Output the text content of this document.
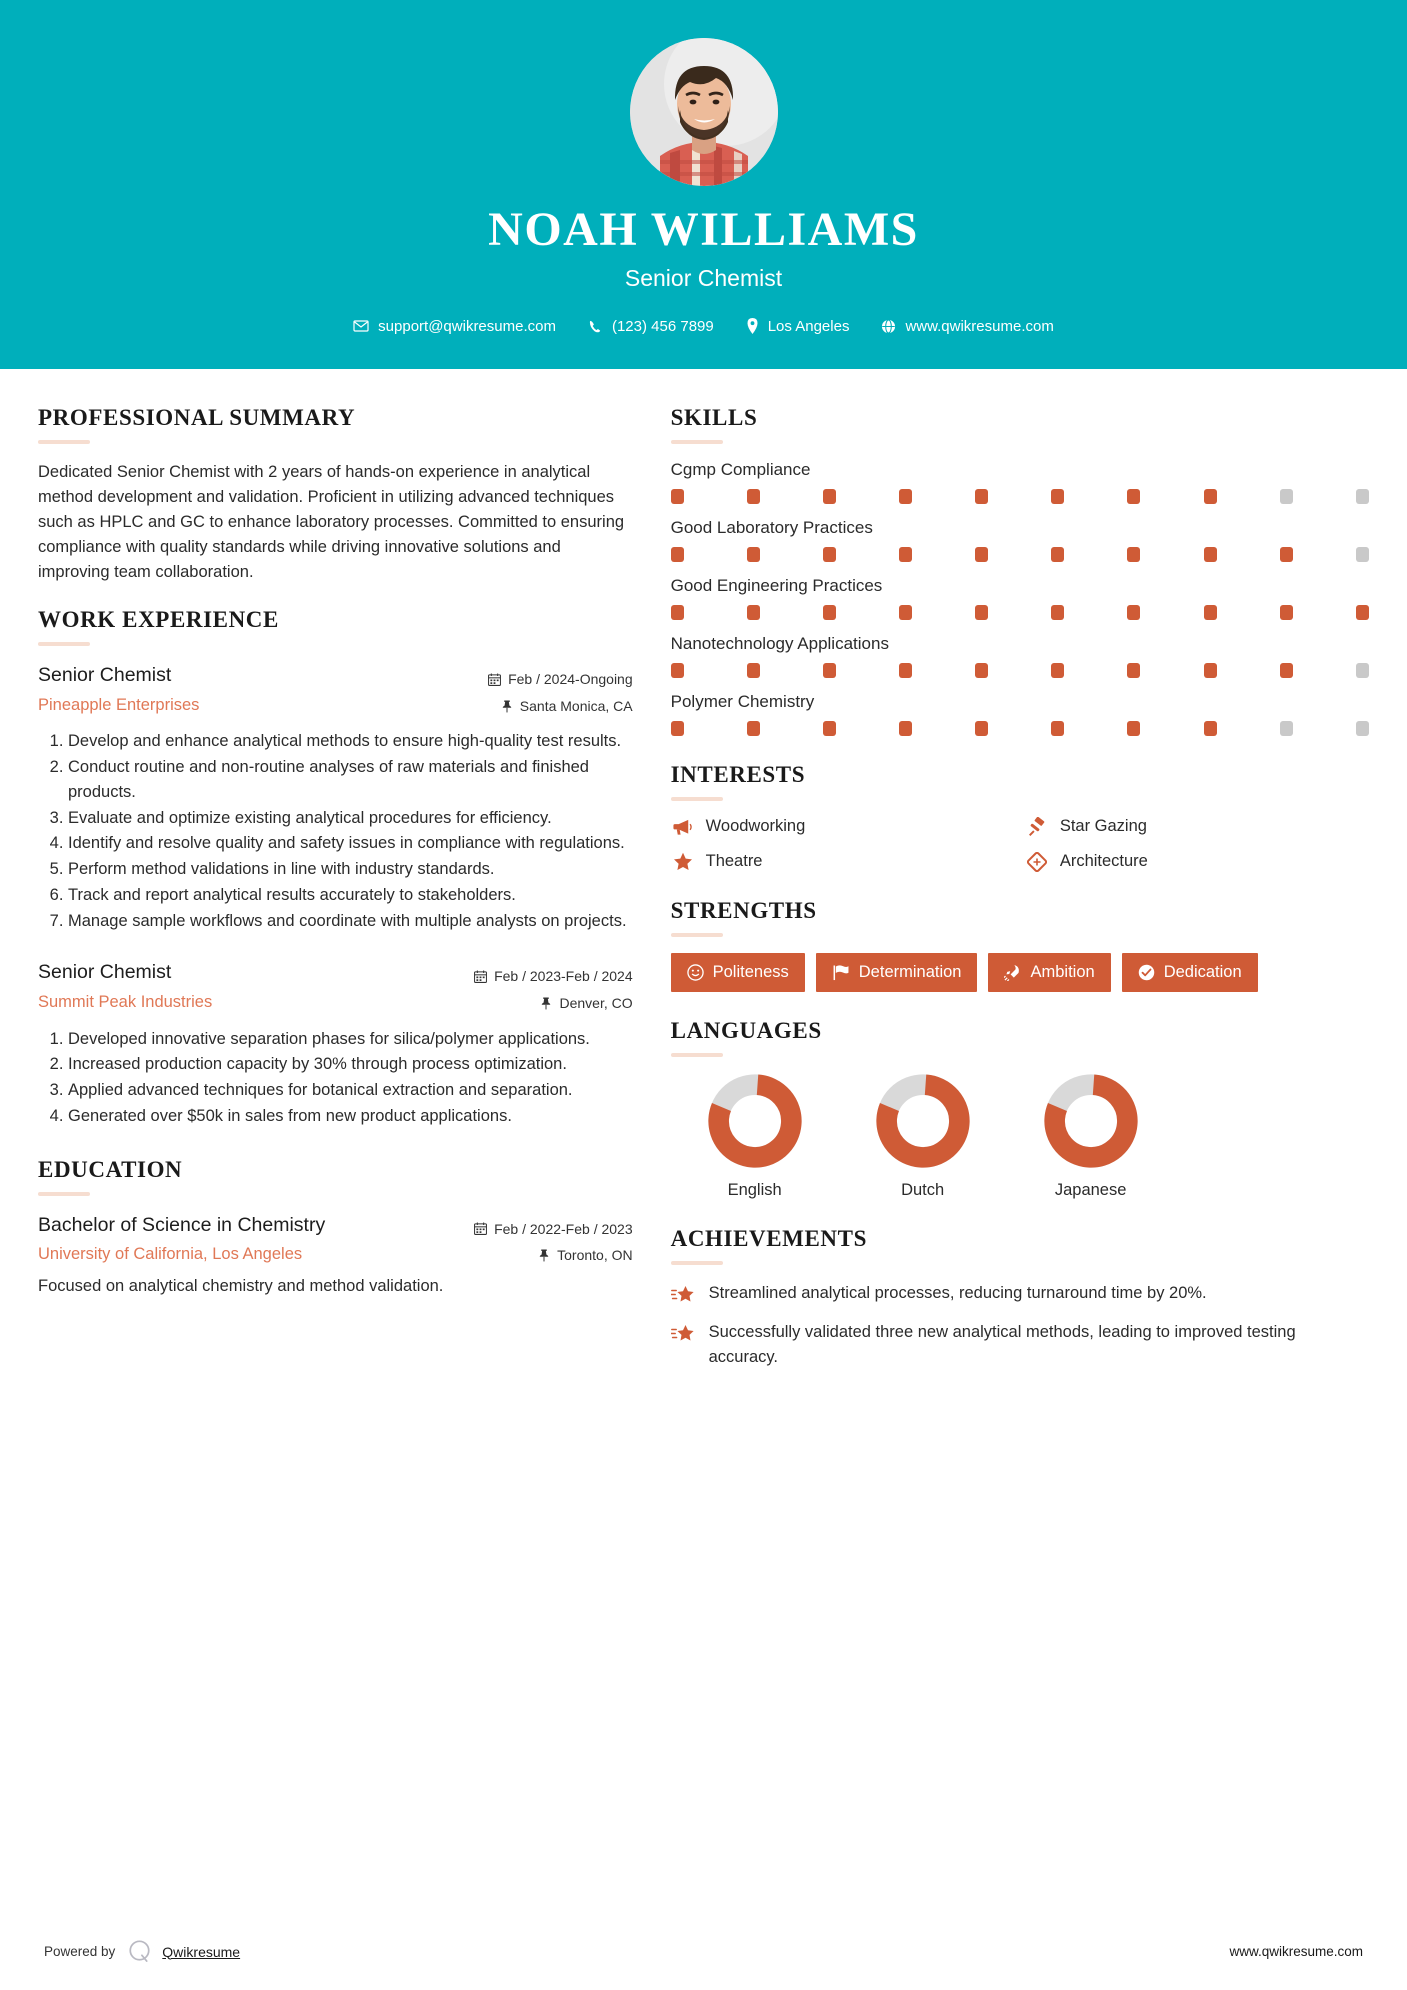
NOAH WILLIAMS
Senior Chemist
support@qwikresume.com	(123) 456 7899	Los Angeles	www.qwikresume.com
PROFESSIONAL SUMMARY
Dedicated Senior Chemist with 2 years of hands-on experience in analytical method development and validation. Proficient in utilizing advanced techniques such as HPLC and GC to enhance laboratory processes. Committed to ensuring compliance with quality standards while driving innovative solutions and improving team collaboration.
WORK EXPERIENCE
Senior Chemist
Pineapple Enterprises
Feb / 2024-Ongoing
Santa Monica, CA
1. Develop and enhance analytical methods to ensure high-quality test results.
2. Conduct routine and non-routine analyses of raw materials and finished products.
3. Evaluate and optimize existing analytical procedures for efficiency.
4. Identify and resolve quality and safety issues in compliance with regulations.
5. Perform method validations in line with industry standards.
6. Track and report analytical results accurately to stakeholders.
7. Manage sample workflows and coordinate with multiple analysts on projects.
Senior Chemist
Summit Peak Industries
Feb / 2023-Feb / 2024
Denver, CO
1. Developed innovative separation phases for silica/polymer applications.
2. Increased production capacity by 30% through process optimization.
3. Applied advanced techniques for botanical extraction and separation.
4. Generated over $50k in sales from new product applications.
EDUCATION
Bachelor of Science in Chemistry
University of California, Los Angeles
Feb / 2022-Feb / 2023
Toronto, ON
Focused on analytical chemistry and method validation.
SKILLS
Cgmp Compliance
Good Laboratory Practices
Good Engineering Practices
Nanotechnology Applications
Polymer Chemistry
INTERESTS
Woodworking	Star Gazing
Theatre	Architecture
STRENGTHS
Politeness	Determination	Ambition	Dedication
LANGUAGES
English	Dutch	Japanese
ACHIEVEMENTS
Streamlined analytical processes, reducing turnaround time by 20%.
Successfully validated three new analytical methods, leading to improved testing accuracy.
Powered by	Qwikresume	www.qwikresume.com
